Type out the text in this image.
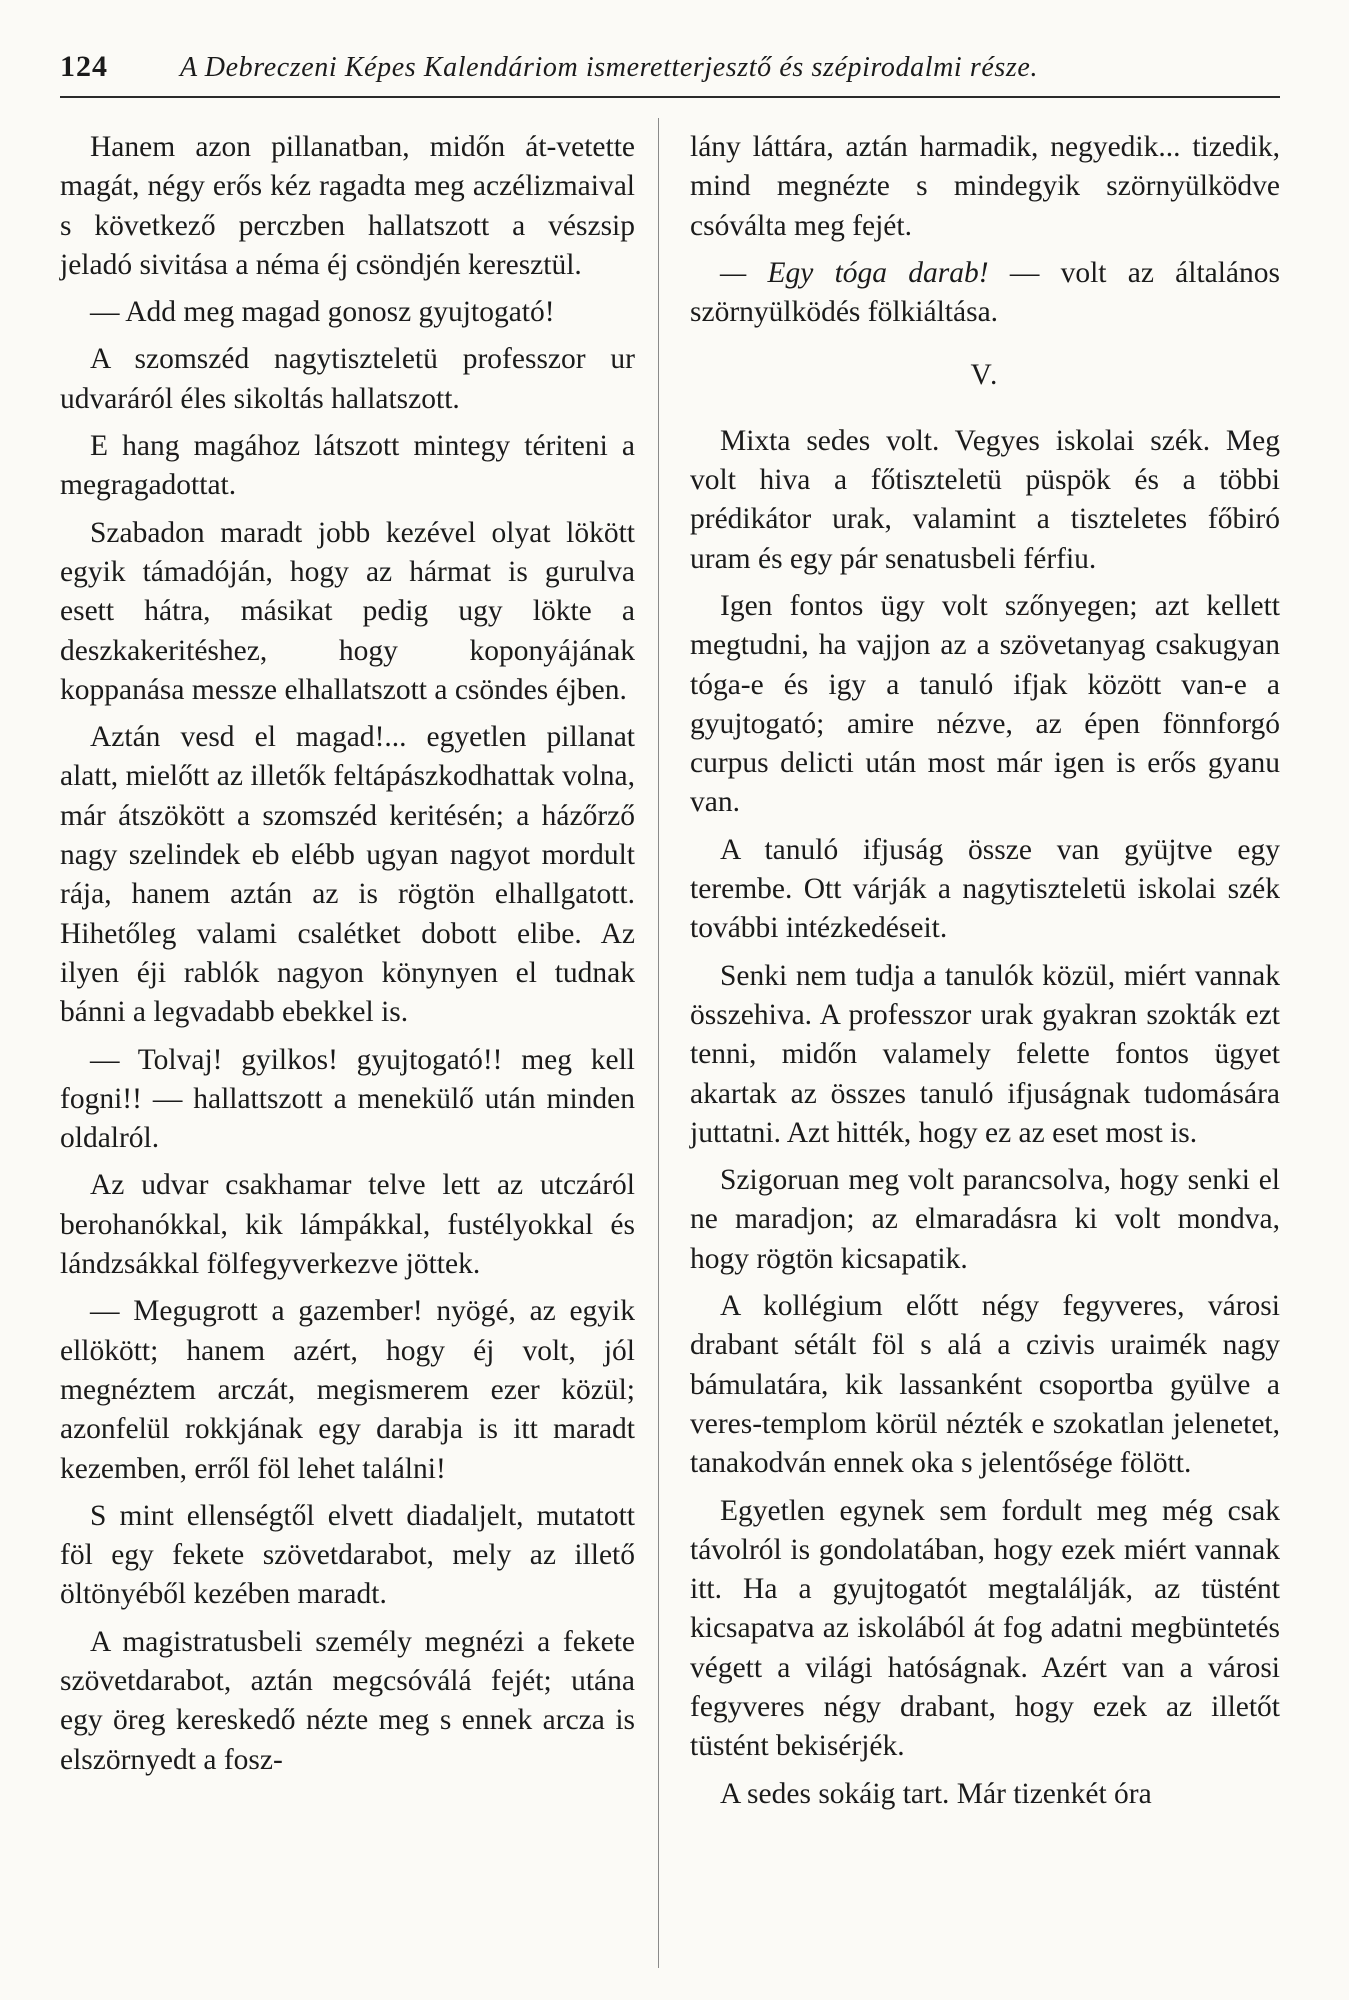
124	A Debreczeni Képes Kalendáriom ismeretterjesztő és szépirodalmi része.

Hanem azon pillanatban, midőn át-vetette magát, négy erős kéz ragadta meg aczélizmaival s következő perczben hallatszott a vészsip jeladó sivitása a néma éj csöndjén keresztül.

— Add meg magad gonosz gyujtogató!

A szomszéd nagytiszteletü professzor ur udvaráról éles sikoltás hallatszott.

E hang magához látszott mintegy tériteni a megragadottat.

Szabadon maradt jobb kezével olyat lökött egyik támadóján, hogy az hármat is gurulva esett hátra, másikat pedig ugy lökte a deszkakeritéshez, hogy koponyájának koppanása messze elhallatszott a csöndes éjben.

Aztán vesd el magad!... egyetlen pillanat alatt, mielőtt az illetők feltápászkodhattak volna, már átszökött a szomszéd keritésén; a házőrző nagy szelindek eb elébb ugyan nagyot mordult rája, hanem aztán az is rögtön elhallgatott. Hihetőleg valami csalétket dobott elibe. Az ilyen éji rablók nagyon könynyen el tudnak bánni a legvadabb ebekkel is.

— Tolvaj! gyilkos! gyujtogató!! meg kell fogni!! — hallattszott a menekülő után minden oldalról.

Az udvar csakhamar telve lett az utczáról berohanókkal, kik lámpákkal, fustélyokkal és lándzsákkal fölfegyverkezve jöttek.

— Megugrott a gazember! nyögé, az egyik ellökött; hanem azért, hogy éj volt, jól megnéztem arczát, megismerem ezer közül; azonfelül rokkjának egy darabja is itt maradt kezemben, erről föl lehet találni!

S mint ellenségtől elvett diadaljelt, mutatott föl egy fekete szövetdarabot, mely az illető öltönyéből kezében maradt.

A magistratusbeli személy megnézi a fekete szövetdarabot, aztán megcsóválá fejét; utána egy öreg kereskedő nézte meg s ennek arcza is elszörnyedt a fosz-

lány láttára, aztán harmadik, negyedik... tizedik, mind megnézte s mindegyik szörnyülködve csóválta meg fejét.

— Egy tóga darab! — volt az általános szörnyülködés fölkiáltása.

V.

Mixta sedes volt. Vegyes iskolai szék. Meg volt hiva a főtiszteletü püspök és a többi prédikátor urak, valamint a tiszteletes főbiró uram és egy pár senatusbeli férfiu.

Igen fontos ügy volt szőnyegen; azt kellett megtudni, ha vajjon az a szövetanyag csakugyan tóga-e és igy a tanuló ifjak között van-e a gyujtogató; amire nézve, az épen fönnforgó curpus delicti után most már igen is erős gyanu van.

A tanuló ifjuság össze van gyüjtve egy terembe. Ott várják a nagytiszteletü iskolai szék további intézkedéseit.

Senki nem tudja a tanulók közül, miért vannak összehiva. A professzor urak gyakran szokták ezt tenni, midőn valamely felette fontos ügyet akartak az összes tanuló ifjuságnak tudomására juttatni. Azt hitték, hogy ez az eset most is.

Szigoruan meg volt parancsolva, hogy senki el ne maradjon; az elmaradásra ki volt mondva, hogy rögtön kicsapatik.

A kollégium előtt négy fegyveres, városi drabant sétált föl s alá a czivis uraimék nagy bámulatára, kik lassanként csoportba gyülve a veres-templom körül nézték e szokatlan jelenetet, tanakodván ennek oka s jelentősége fölött.

Egyetlen egynek sem fordult meg még csak távolról is gondolatában, hogy ezek miért vannak itt. Ha a gyujtogatót megtalálják, az tüstént kicsapatva az iskolából át fog adatni megbüntetés végett a világi hatóságnak. Azért van a városi fegyveres négy drabant, hogy ezek az illetőt tüstént bekisérjék.

A sedes sokáig tart. Már tizenkét óra
